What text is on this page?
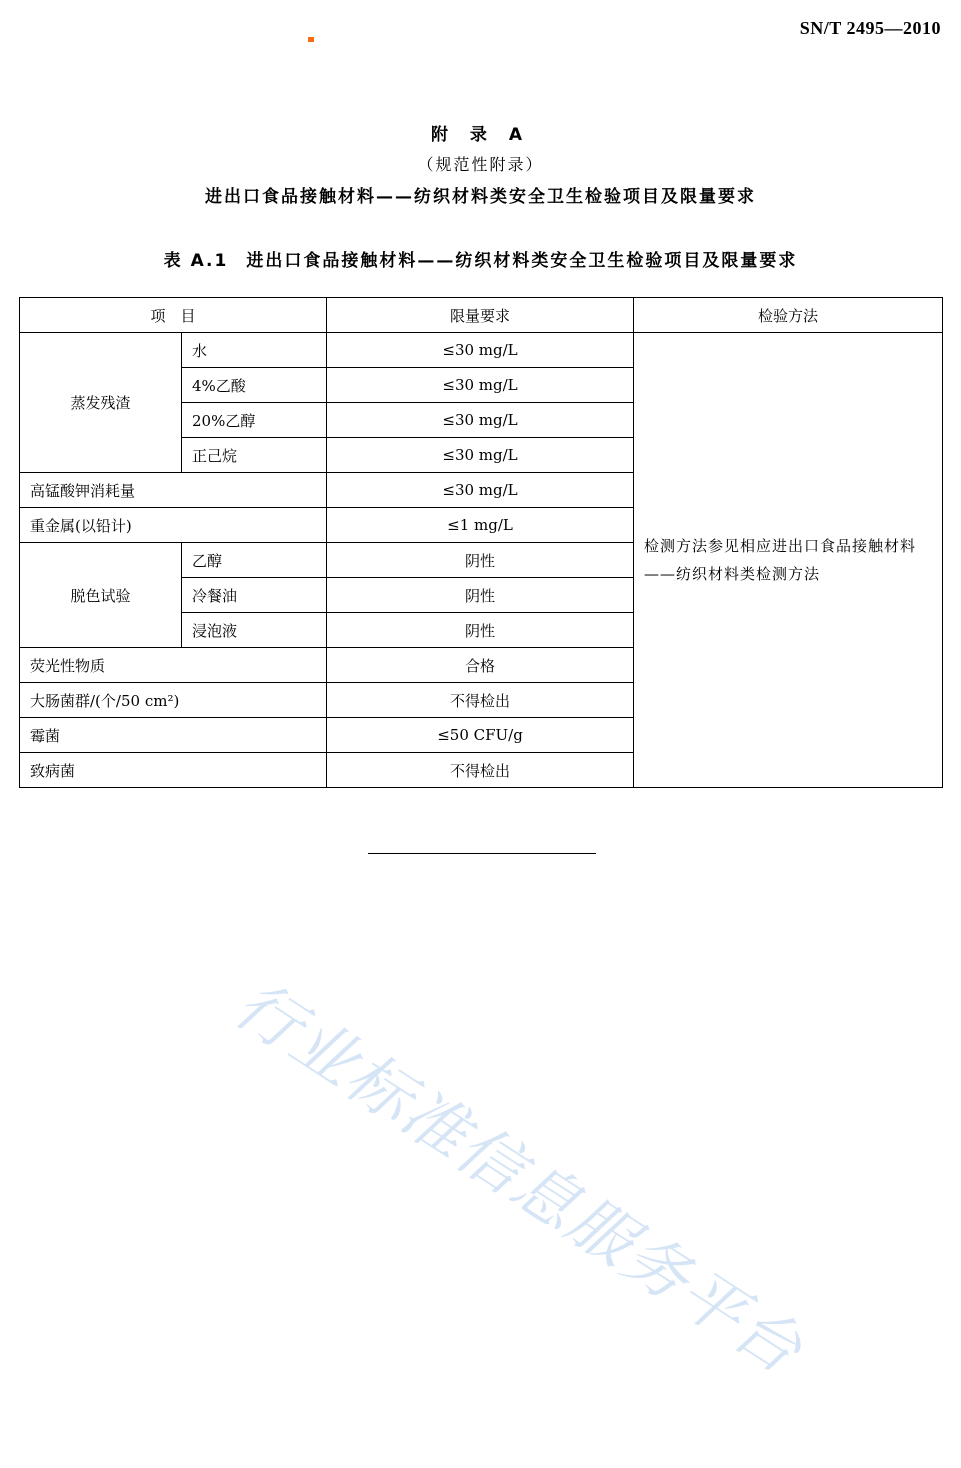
SN/T 2495—2010
附 录 A
（规范性附录）
进出口食品接触材料——纺织材料类安全卫生检验项目及限量要求
表 A.1 进出口食品接触材料——纺织材料类安全卫生检验项目及限量要求
项　目		限量要求	检验方法
蒸发残渣	水	≤30 mg/L	检测方法参见相应进出口食品接触材料——纺织材料类检测方法
	4%乙酸	≤30 mg/L	
	20%乙醇	≤30 mg/L	
	正己烷	≤30 mg/L	
高锰酸钾消耗量		≤30 mg/L	
重金属(以铅计)		≤1 mg/L	
脱色试验	乙醇	阴性	
	冷餐油	阴性	
	浸泡液	阴性	
荧光性物质		合格	
大肠菌群/(个/50 cm²)		不得检出	
霉菌		≤50 CFU/g	
致病菌		不得检出	
行业标准信息服务平台
